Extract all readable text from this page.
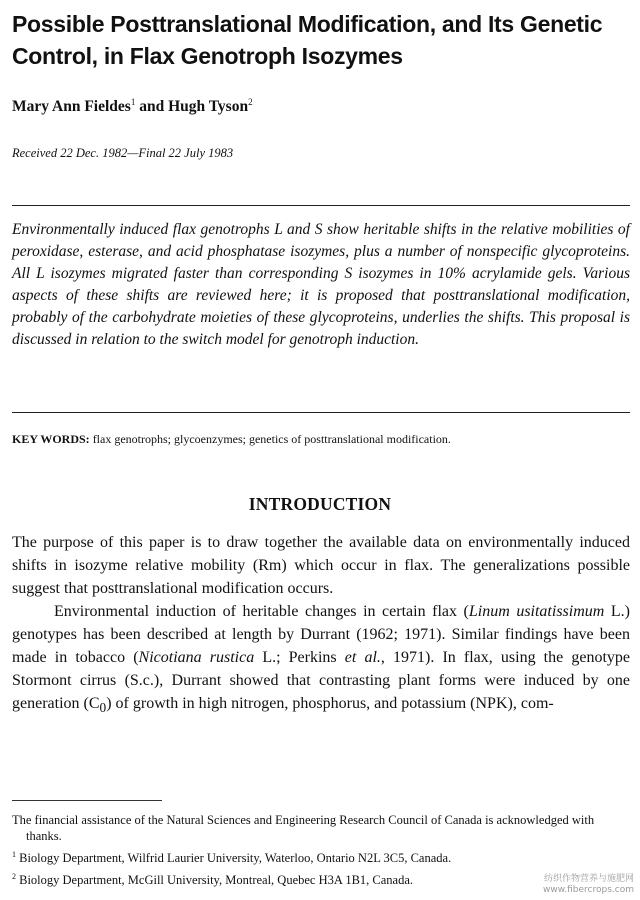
Possible Posttranslational Modification, and Its Genetic Control, in Flax Genotroph Isozymes
Mary Ann Fieldes$^1$ and Hugh Tyson$^2$
Received 22 Dec. 1982—Final 22 July 1983
Environmentally induced flax genotrophs L and S show heritable shifts in the relative mobilities of peroxidase, esterase, and acid phosphatase isozymes, plus a number of nonspecific glycoproteins. All L isozymes migrated faster than corresponding S isozymes in 10% acrylamide gels. Various aspects of these shifts are reviewed here; it is proposed that posttranslational modification, probably of the carbohydrate moieties of these glycoproteins, underlies the shifts. This proposal is discussed in relation to the switch model for genotroph induction.
KEY WORDS: flax genotrophs; glycoenzymes; genetics of posttranslational modification.
INTRODUCTION

The purpose of this paper is to draw together the available data on environmentally induced shifts in isozyme relative mobility (Rm) which occur in flax. The generalizations possible suggest that posttranslational modification occurs.

Environmental induction of heritable changes in certain flax (Linum usitatissimum L.) genotypes has been described at length by Durrant (1962; 1971). Similar findings have been made in tobacco (Nicotiana rustica L.; Perkins et al., 1971). In flax, using the genotype Stormont cirrus (S.c.), Durrant showed that contrasting plant forms were induced by one generation $(C_0)$ of growth in high nitrogen, phosphorus, and potassium (NPK), com-

The financial assistance of the Natural Sciences and Engineering Research Council of Canada is acknowledged with thanks.

$^1$ Biology Department, Wilfrid Laurier University, Waterloo, Ontario N2L 3C5, Canada.

$^2$ Biology Department, McGill University, Montreal, Quebec H3A 1B1, Canada.	纺织作物营养与施肥网
www.fibercrops.com
